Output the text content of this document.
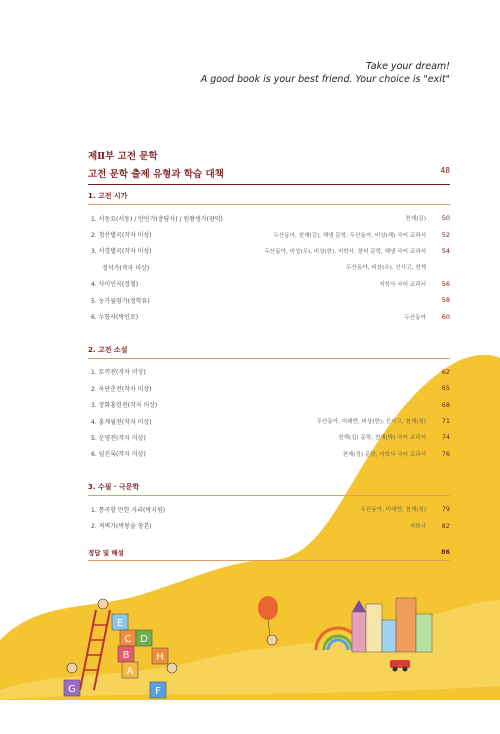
E
C D
B
A
G
H
F
Take your dream!
A good book is your best friend. Your choice is "exit"
제Ⅱ부 고전 문학
고전 문학 출제 유형과 학습 대책	48
1. 고전 시가
1. 서동요(서동) / 안민가(충담사) / 원왕생가(광덕)	천재(김)	50
2. 청산별곡(작자 미상)	두산동아, 천재(김), 해냄 문학, 두산동아, 비상(해) 국어 교과서	52
3. 서경별곡(작자 미상)	두산동아, 비상(우), 비상(한), 지학사, 창비 문학, 해냄 국어 교과서	54
정석가(작자 미상)	두산동아, 비상(우), 신사고, 천재
4. 사미인곡(정철)	지학사 국어 교과서	56
5. 농가월령가(정학유)	58
6. 누항사(박인로)	두산동아	60
2. 고전 소설
1. 토끼전(작자 미상)	62
2. 옥단춘전(작자 미상)	65
3. 장화홍련전(작자 미상)	68
4. 홍계월전(작자 미상)	두산동아, 미래엔, 비상(한), 신사고, 천재(정)	71
5. 운영전(작자 미상)	천재(김) 문학, 천재(박) 국어 교과서	74
6. 임진록(작자 미상)	천재(정) 문학, 지학사 국어 교과서	76
3. 수필 · 극문학
1. 통곡할 만한 자리(박지원)	두산동아, 미래엔, 천재(정)	79
2. 적벽가(박봉술 창본)	지학사	82
정답 및 해설	86
